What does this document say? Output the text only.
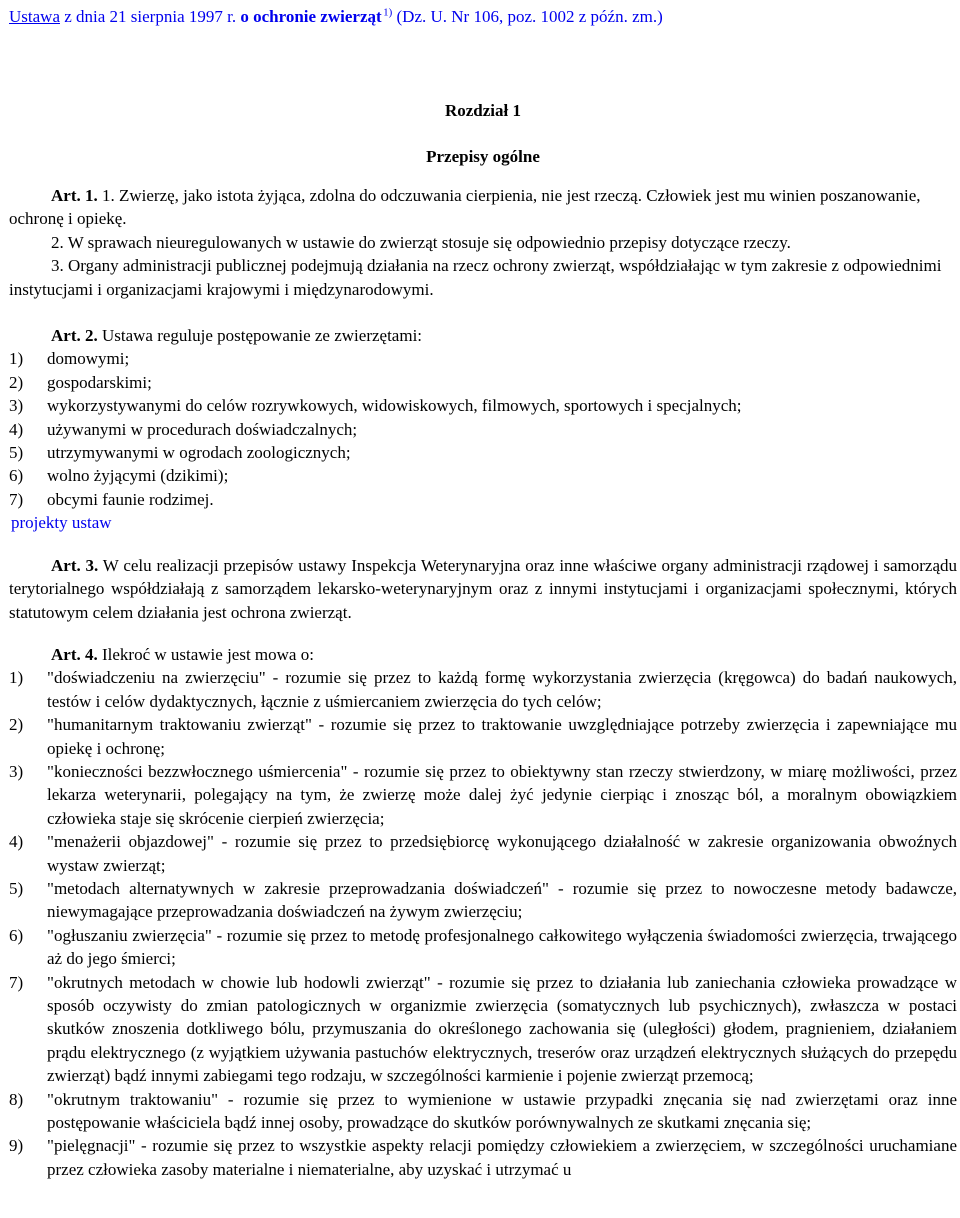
Ustawa z dnia 21 sierpnia 1997 r. o ochronie zwierząt $^{1)}$ (Dz. U. Nr 106, poz. 1002 z późn. zm.)
Rozdział 1
Przepisy ogólne

Art. 1. 1. Zwierzę, jako istota żyjąca, zdolna do odczuwania cierpienia, nie jest rzeczą. Człowiek jest mu winien poszanowanie, ochronę i opiekę.

2. W sprawach nieuregulowanych w ustawie do zwierząt stosuje się odpowiednio przepisy dotyczące rzeczy.

3. Organy administracji publicznej podejmują działania na rzecz ochrony zwierząt, współdziałając w tym zakresie z odpowiednimi instytucjami i organizacjami krajowymi i międzynarodowymi.

Art. 2. Ustawa reguluje postępowanie ze zwierzętami:

1)	domowymi;
2)	gospodarskimi;
3)	wykorzystywanymi do celów rozrywkowych, widowiskowych, filmowych, sportowych i specjalnych;
4)	używanymi w procedurach doświadczalnych;
5)	utrzymywanymi w ogrodach zoologicznych;
6)	wolno żyjącymi (dzikimi);
7)	obcymi faunie rodzimej.

projekty ustaw

Art. 3. W celu realizacji przepisów ustawy Inspekcja Weterynaryjna oraz inne właściwe organy administracji rządowej i samorządu terytorialnego współdziałają z samorządem lekarsko-weterynaryjnym oraz z innymi instytucjami i organizacjami społecznymi, których statutowym celem działania jest ochrona zwierząt.

Art. 4. Ilekroć w ustawie jest mowa o:

1)	"doświadczeniu na zwierzęciu" - rozumie się przez to każdą formę wykorzystania zwierzęcia (kręgowca) do badań naukowych, testów i celów dydaktycznych, łącznie z uśmiercaniem zwierzęcia do tych celów;
2)	"humanitarnym traktowaniu zwierząt" - rozumie się przez to traktowanie uwzględniające potrzeby zwierzęcia i zapewniające mu opiekę i ochronę;
3)	"konieczności bezzwłocznego uśmiercenia" - rozumie się przez to obiektywny stan rzeczy stwierdzony, w miarę możliwości, przez lekarza weterynarii, polegający na tym, że zwierzę może dalej żyć jedynie cierpiąc i znosząc ból, a moralnym obowiązkiem człowieka staje się skrócenie cierpień zwierzęcia;
4)	"menażerii objazdowej" - rozumie się przez to przedsiębiorcę wykonującego działalność w zakresie organizowania obwoźnych wystaw zwierząt;
5)	"metodach alternatywnych w zakresie przeprowadzania doświadczeń" - rozumie się przez to nowoczesne metody badawcze, niewymagające przeprowadzania doświadczeń na żywym zwierzęciu;
6)	"ogłuszaniu zwierzęcia" - rozumie się przez to metodę profesjonalnego całkowitego wyłączenia świadomości zwierzęcia, trwającego aż do jego śmierci;
7)	"okrutnych metodach w chowie lub hodowli zwierząt" - rozumie się przez to działania lub zaniechania człowieka prowadzące w sposób oczywisty do zmian patologicznych w organizmie zwierzęcia (somatycznych lub psychicznych), zwłaszcza w postaci skutków znoszenia dotkliwego bólu, przymuszania do określonego zachowania się (uległości) głodem, pragnieniem, działaniem prądu elektrycznego (z wyjątkiem używania pastuchów elektrycznych, treserów oraz urządzeń elektrycznych służących do przepędu zwierząt) bądź innymi zabiegami tego rodzaju, w szczególności karmienie i pojenie zwierząt przemocą;
8)	"okrutnym traktowaniu" - rozumie się przez to wymienione w ustawie przypadki znęcania się nad zwierzętami oraz inne postępowanie właściciela bądź innej osoby, prowadzące do skutków porównywalnych ze skutkami znęcania się;
9)	"pielęgnacji" - rozumie się przez to wszystkie aspekty relacji pomiędzy człowiekiem a zwierzęciem, w szczególności uruchamiane przez człowieka zasoby materialne i niematerialne, aby uzyskać i utrzymać u
